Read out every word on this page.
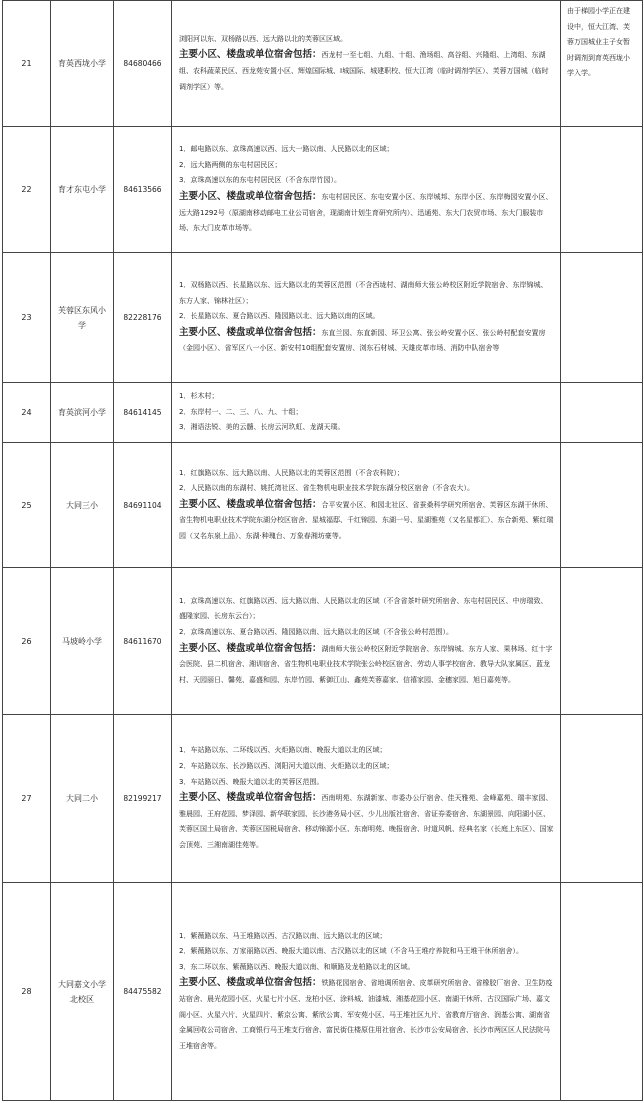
21	育英西垅小学	84680466	浏阳河以东、双杨路以西、远大路以北的芙蓉区区域。

主要小区、楼盘或单位宿舍包括：西龙村一至七组、九组、十组、渔场组、高谷组、兴隆组、上湾组、东湖组、农科蔬菜民区、西龙苑安置小区、辉煌国际城、I城国际、城建职校、恒大江湾（临时调剂学区）、芙蓉万国城（临时调剂学区）等。	由于梯园小学正在建设中，恒大江湾、芙蓉万国城业主子女暂时调剂到育英西垅小学入学。
22	育才东屯小学	84613566	1．邮电路以东、京珠高速以西、远大一路以南、人民路以北的区域；

2．远大路两侧的东屯村居民区；

3．京珠高速以东的东屯村居民区（不含东岸竹园）。

主要小区、楼盘或单位宿舍包括：东屯村居民区、东屯安置小区、东岸城邦、东岸小区、东岸梅园安置小区、远大路1292号（原湖南移动邮电工业公司宿舍，现湖南计划生育研究所内）、迅通苑、东大门农贸市场、东大门服装市场、东大门皮革市场等。	

23	芙蓉区东风小学	82228176	1．双杨路以西、长星路以东、远大路以北的芙蓉区范围（不含西垅村、湖南师大张公岭校区附近学院宿舍、东岸锦城、东方人家、锦林社区）；

2．长星路以东、夏合路以西、隆园路以北、远大路以南的区域。

主要小区、楼盘或单位宿舍包括：东直兰园、东直新园、环卫公寓、张公岭安置小区、张公岭村配套安置房（金园小区）、省军区八一小区、新安村10组配套安置房、浏东石材城、天雄皮革市场、消防中队宿舍等	

24	育英滨河小学	84614145	1．杉木村；

2．东岸村一、二、三、八、九、十组；

3．湘语法锐、美的云髓、长房云河玖虹、龙湖天璞。	

25	大同三小	84691104	1．红旗路以东、远大路以南、人民路以北的芙蓉区范围（不含农科院）；

2．人民路以南的东湖村、姚托湾社区、省生物机电职业技术学院东湖分校区宿舍（不含农大）。

主要小区、楼盘或单位宿舍包括：合平安置小区、和园北社区、省蚕桑科学研究所宿舍、芙蓉区东湖干休所、省生物机电职业技术学院东湖分校区宿舍、星城福邸、千红锦园、东湖一号、星湖雅苑（又名星都汇）、东合新苑、紫红瑞园（又名东泉上品）、东湖·种瑰台、万象春湘坊豪等。	

26	马坡岭小学	84611670	1．京珠高速以东、红旗路以西、远大路以南、人民路以北的区域（不含省茶叶研究所宿舍、东屯村居民区、中房瑞致、盛隆家园、长房东云台）；

2．京珠高速以东、夏合路以西、隆园路以南、远大路以北的区域（不含张公岭村范围）。

主要小区、楼盘或单位宿舍包括：湖南师大张公岭校区附近学院宿舍、东岸锦城、东方人家、果林场、红十字会医院、县二机宿舍、湘训宿舍、省生物机电职业技术学院张公岭校区宿舍、劳动人事学校宿舍、教导大队家属区、蓝龙村、天园丽日、馨苑、嘉盛和园、东岸竹园、紫御江山、鑫苑芙蓉嘉家、信禧家园、金穗家园、旭日嘉苑等。	

27	大同二小	82199217	1．车站路以东、二环线以西、火炬路以南、晚报大道以北的区域；

2．车站路以东、长沙路以西、浏阳河大道以南、火炬路以北的区域；

3．车站路以西、晚报大道以北的芙蓉区范围。

主要小区、楼盘或单位宿舍包括：西南明苑、东湖新家、市委办公厅宿舍、佳天雅苑、金峰嘉苑、瑞丰家园、雅晨园、王府花园、梦泽园、新华联家园、长沙港务局小区、少儿出版社宿舍、省证券委宿舍、东湖景园、向阳湖小区、芙蓉区国土局宿舍、芙蓉区国税局宿舍、移动锦源小区、东南明苑、晚报宿舍、时道风帆、经典名家（长庭上东区）、国家会顶苑、三湘南湖佳苑等。	

28	大同嘉文小学北校区	84475582	1．紫薇路以东、马王堆路以西、古汉路以南、远大路以北的区域；

2．紫薇路以东、万家丽路以西、晚报大道以南、古汉路以北的区域（不含马王堆疗养院和马王堆干休所宿舍）。

3．东二环以东、紫薇路以西、晚报大道以南、和顺路及龙柏路以北的区域。

主要小区、楼盘或单位宿舍包括：铁路花园宿舍、省地调所宿舍、皮革研究所宿舍、省橡胶厂宿舍、卫生防疫站宿舍、晨光花园小区、火星七片小区、龙柏小区、涂料城、油漆城、湘基花园小区、南湖干休所、古汉国际广场、嘉文阁小区、火星六片、火星四片、紫京公寓、紫欣公寓、军安苑小区、马王堆社区九片、省教育厅宿舍、润基公寓、湖南省金属回收公司宿舍、工商银行马王堆支行宿舍、富民街住楼原住用社宿舍、长沙市公安局宿舍、长沙市两区区人民法院马王堆宿舍等。	
